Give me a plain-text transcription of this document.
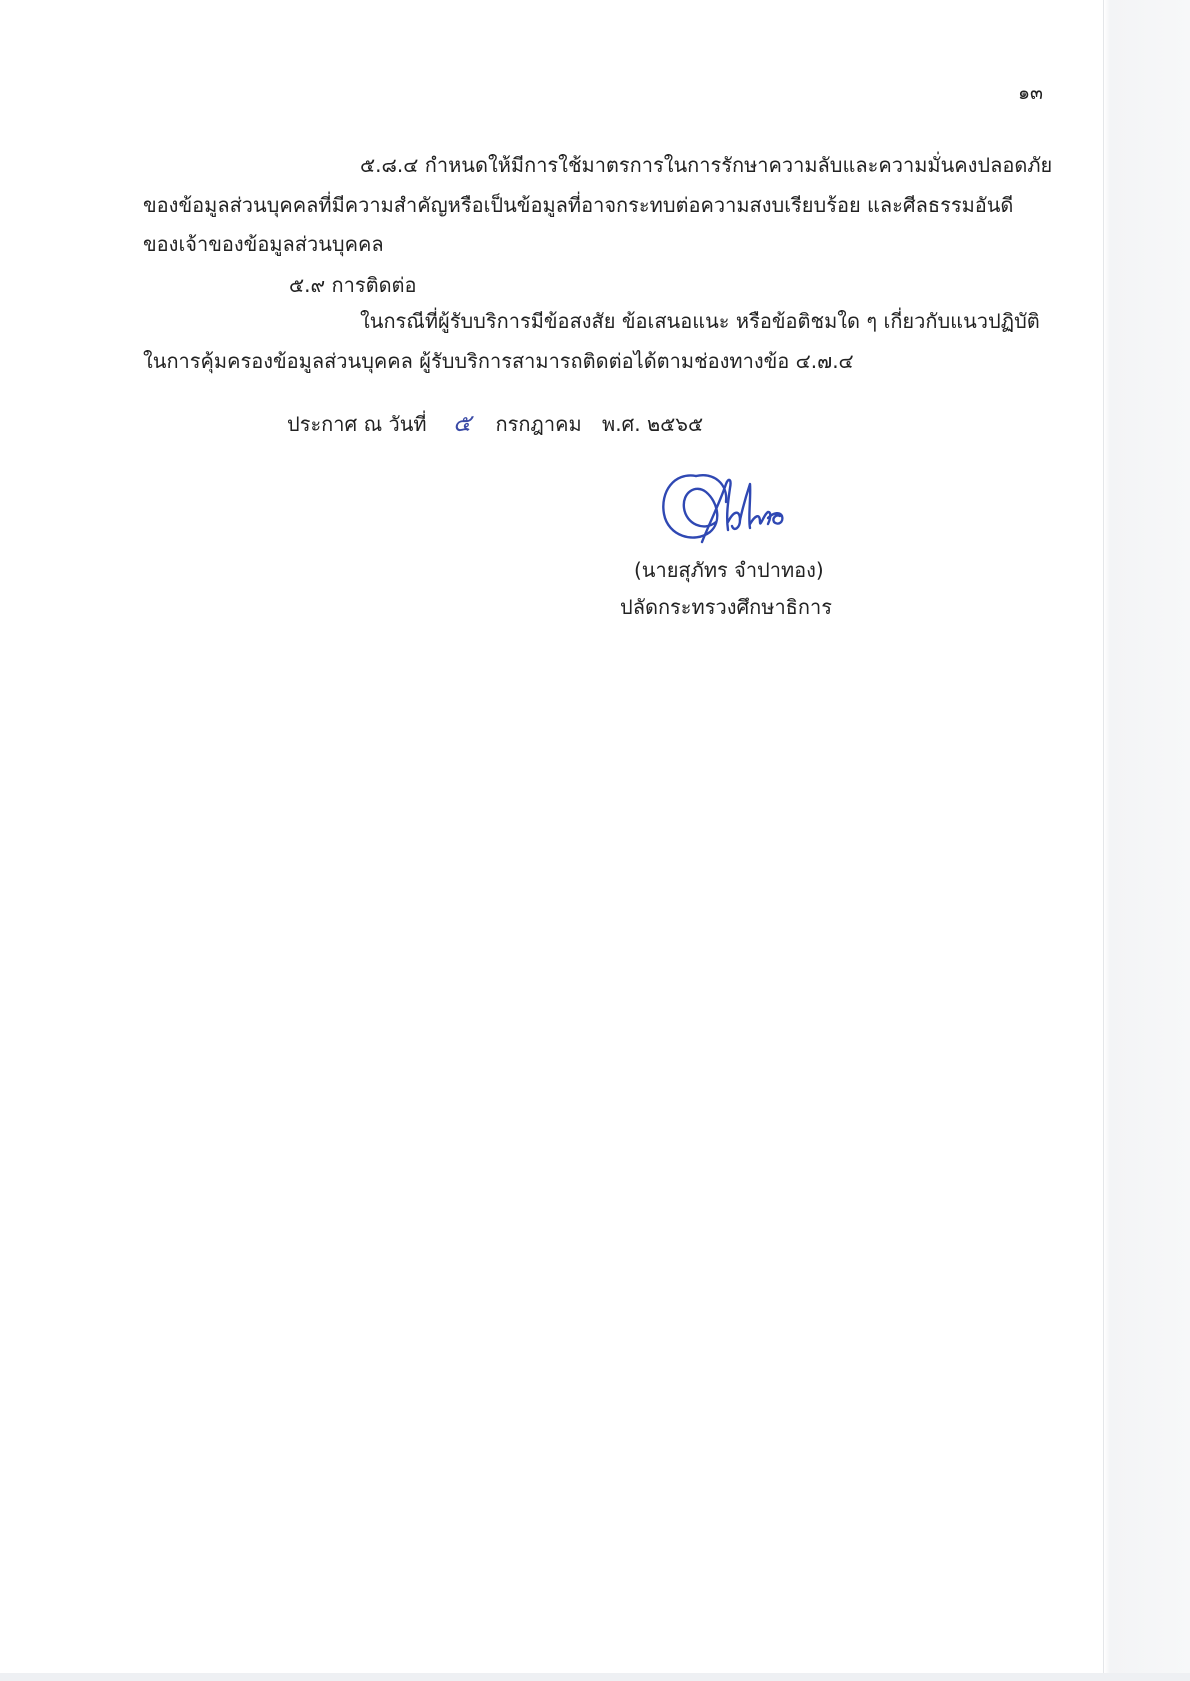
๑๓
๕.๘.๔ กำหนดให้มีการใช้มาตรการในการรักษาความลับและความมั่นคงปลอดภัย
ของข้อมูลส่วนบุคคลที่มีความสำคัญหรือเป็นข้อมูลที่อาจกระทบต่อความสงบเรียบร้อย และศีลธรรมอันดี
ของเจ้าของข้อมูลส่วนบุคคล
๕.๙ การติดต่อ
ในกรณีที่ผู้รับบริการมีข้อสงสัย ข้อเสนอแนะ หรือข้อติชมใด ๆ เกี่ยวกับแนวปฏิบัติ
ในการคุ้มครองข้อมูลส่วนบุคคล ผู้รับบริการสามารถติดต่อได้ตามช่องทางข้อ ๔.๗.๔
ประกาศ ณ วันที่ ๕ กรกฎาคม พ.ศ. ๒๕๖๕
(นายสุภัทร จำปาทอง)
ปลัดกระทรวงศึกษาธิการ
